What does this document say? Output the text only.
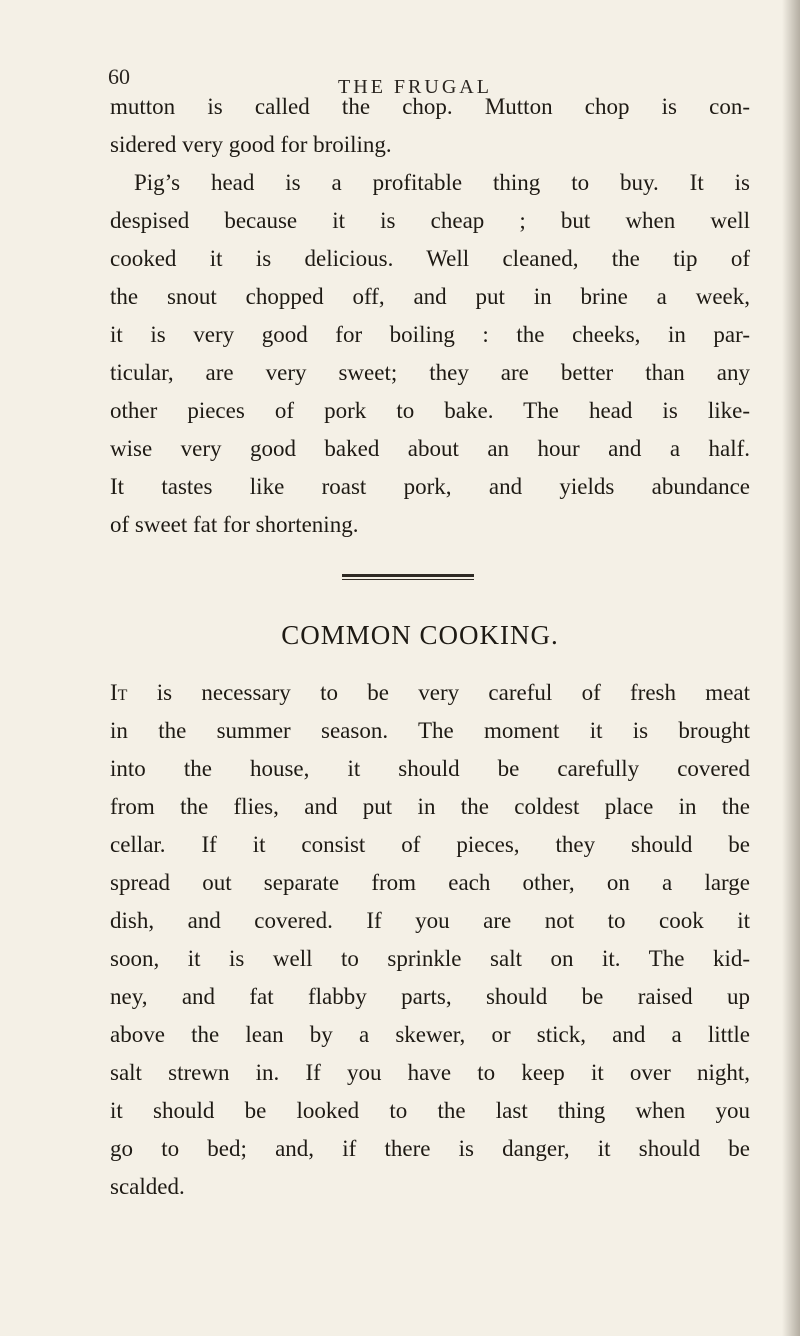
60	THE FRUGAL
mutton is called the chop. Mutton chop is con-
sidered very good for broiling.
Pig’s head is a profitable thing to buy. It is
despised because it is cheap ; but when well
cooked it is delicious. Well cleaned, the tip of
the snout chopped off, and put in brine a week,
it is very good for boiling : the cheeks, in par-
ticular, are very sweet; they are better than any
other pieces of pork to bake. The head is like-
wise very good baked about an hour and a half.
It tastes like roast pork, and yields abundance
of sweet fat for shortening.
COMMON COOKING.
It is necessary to be very careful of fresh meat
in the summer season. The moment it is brought
into the house, it should be carefully covered
from the flies, and put in the coldest place in the
cellar. If it consist of pieces, they should be
spread out separate from each other, on a large
dish, and covered. If you are not to cook it
soon, it is well to sprinkle salt on it. The kid-
ney, and fat flabby parts, should be raised up
above the lean by a skewer, or stick, and a little
salt strewn in. If you have to keep it over night,
it should be looked to the last thing when you
go to bed; and, if there is danger, it should be
scalded.
